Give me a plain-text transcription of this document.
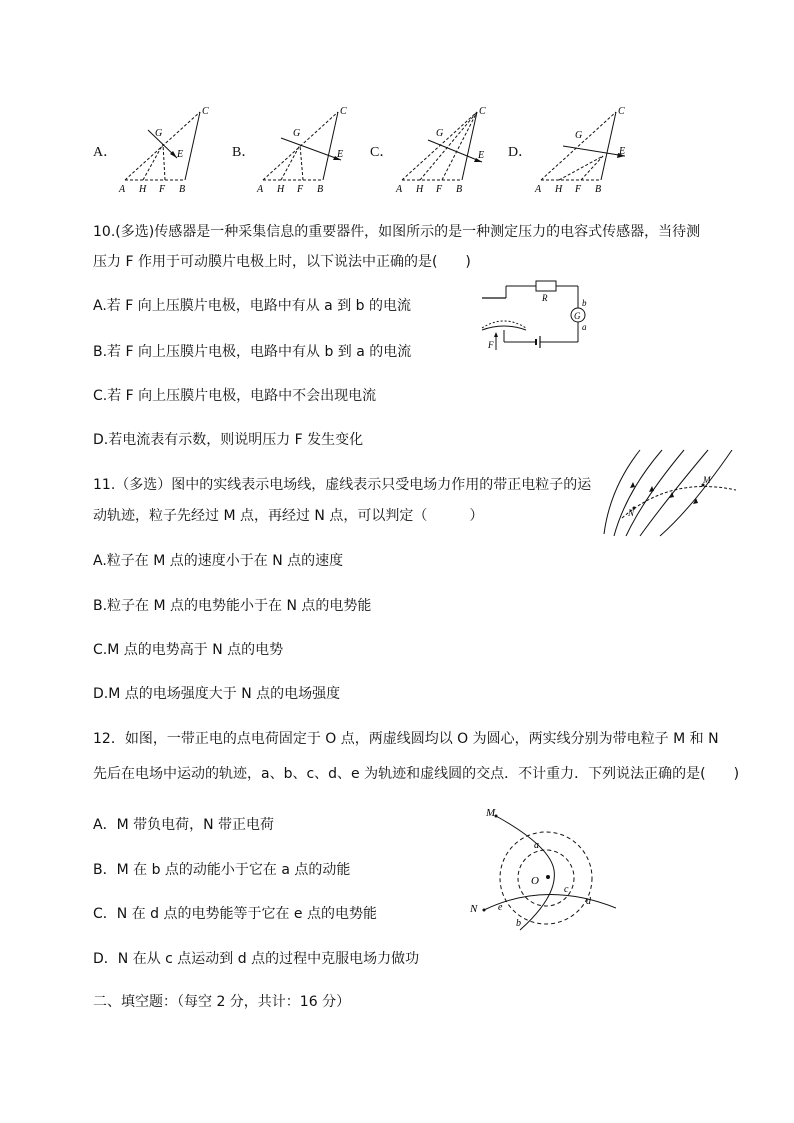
A．	B．	C．	D．
A H F B
C
G
E
A H F B
C
G
E
A H F B
C
G
E
A H F B
C
G
E
10.(多选)传感器是一种采集信息的重要器件，如图所示的是一种测定压力的电容式传感器，当待测
压力 F 作用于可动膜片电极上时，以下说法中正确的是(　　)
A.若 F 向上压膜片电极，电路中有从 a 到 b 的电流
B.若 F 向上压膜片电极，电路中有从 b 到 a 的电流
C.若 F 向上压膜片电极，电路中不会出现电流
D.若电流表有示数，则说明压力 F 发生变化
R
G
b
a
F
11.（多选）图中的实线表示电场线，虚线表示只受电场力作用的带正电粒子的运
动轨迹，粒子先经过 M 点，再经过 N 点，可以判定（　　　）
A.粒子在 M 点的速度小于在 N 点的速度
B.粒子在 M 点的电势能小于在 N 点的电势能
C.M 点的电势高于 N 点的电势
D.M 点的电场强度大于 N 点的电场强度
N
M
12．如图，一带正电的点电荷固定于 O 点，两虚线圆均以 O 为圆心，两实线分别为带电粒子 M 和 N
先后在电场中运动的轨迹，a、b、c、d、e 为轨迹和虚线圆的交点．不计重力．下列说法正确的是(　　)
A．M 带负电荷，N 带正电荷
B．M 在 b 点的动能小于它在 a 点的动能
C．N 在 d 点的电势能等于它在 e 点的电势能
D．N 在从 c 点运动到 d 点的过程中克服电场力做功
O
M
N
a
b
c
d
e
二、填空题：（每空 2 分，共计：16 分）
